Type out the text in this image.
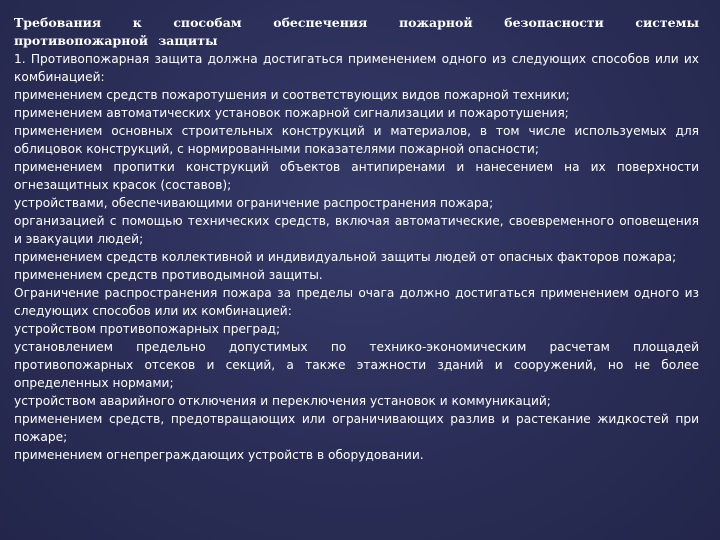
Требования к способам обеспечения пожарной безопасности системы противопожарной защиты

1. Противопожарная защита должна достигаться применением одного из следующих способов или их комбинацией:

применением средств пожаротушения и соответствующих видов пожарной техники;

применением автоматических установок пожарной сигнализации и пожаротушения;

применением основных строительных конструкций и материалов, в том числе используемых для облицовок конструкций, с нормированными показателями пожарной опасности;

применением пропитки конструкций объектов антипиренами и нанесением на их поверхности огнезащитных красок (составов);

устройствами, обеспечивающими ограничение распространения пожара;

организацией с помощью технических средств, включая автоматические, своевременного оповещения и эвакуации людей;

применением средств коллективной и индивидуальной защиты людей от опасных факторов пожара;

применением средств противодымной защиты.

Ограничение распространения пожара за пределы очага должно достигаться применением одного из следующих способов или их комбинацией:

устройством противопожарных преград;

установлением предельно допустимых по технико-экономическим расчетам площадей противопожарных отсеков и секций, а также этажности зданий и сооружений, но не более определенных нормами;

устройством аварийного отключения и переключения установок и коммуникаций;

применением средств, предотвращающих или ограничивающих разлив и растекание жидкостей при пожаре;

применением огнепреграждающих устройств в оборудовании.
